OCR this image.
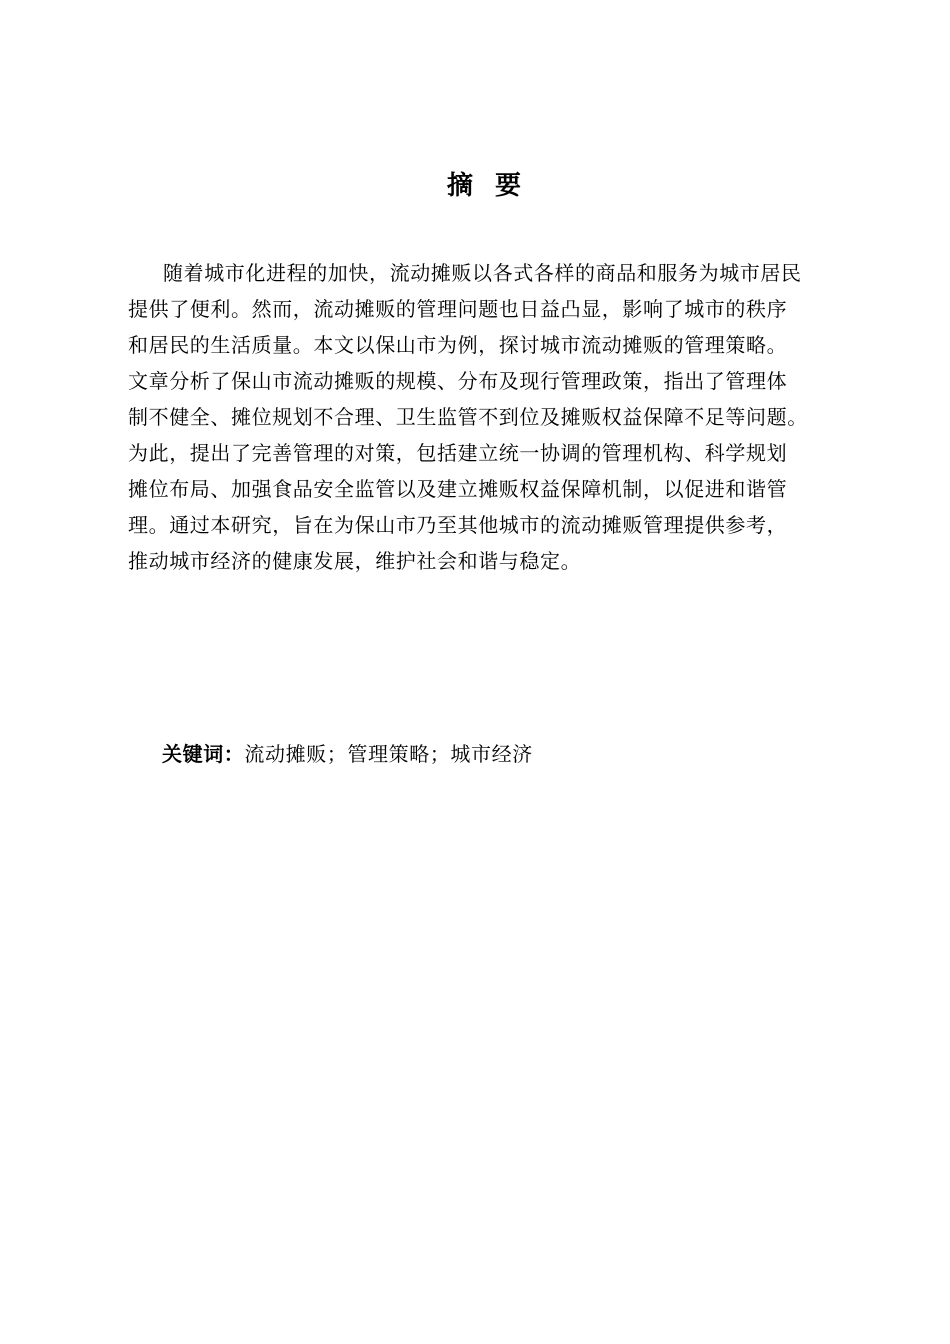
摘要
随着城市化进程的加快，流动摊贩以各式各样的商品和服务为城市居民
提供了便利。然而，流动摊贩的管理问题也日益凸显，影响了城市的秩序
和居民的生活质量。本文以保山市为例，探讨城市流动摊贩的管理策略。
文章分析了保山市流动摊贩的规模、分布及现行管理政策，指出了管理体
制不健全、摊位规划不合理、卫生监管不到位及摊贩权益保障不足等问题。
为此，提出了完善管理的对策，包括建立统一协调的管理机构、科学规划
摊位布局、加强食品安全监管以及建立摊贩权益保障机制，以促进和谐管
理。通过本研究，旨在为保山市乃至其他城市的流动摊贩管理提供参考，
推动城市经济的健康发展，维护社会和谐与稳定。
关键词：流动摊贩；管理策略；城市经济
